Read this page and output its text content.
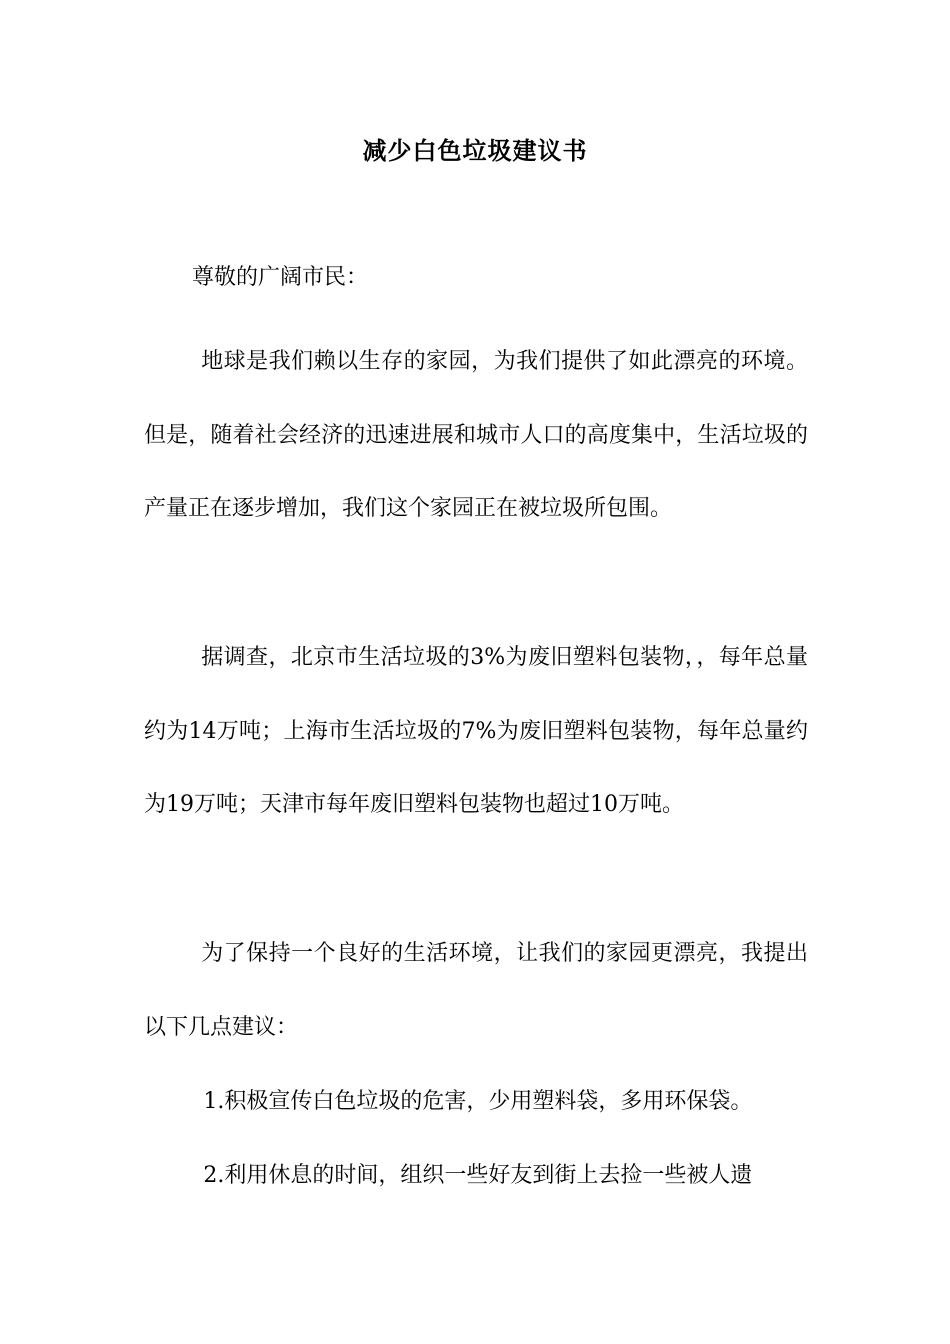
减少白色垃圾建议书
尊敬的广阔市民：

地球是我们赖以生存的家园，为我们提供了如此漂亮的环境。但是，随着社会经济的迅速进展和城市人口的高度集中，生活垃圾的产量正在逐步增加，我们这个家园正在被垃圾所包围。

据调查，北京市生活垃圾的3%为废旧塑料包装物，，每年总量约为14万吨；上海市生活垃圾的7%为废旧塑料包装物，每年总量约为19万吨；天津市每年废旧塑料包装物也超过10万吨。

为了保持一个良好的生活环境，让我们的家园更漂亮，我提出以下几点建议：

1.积极宣传白色垃圾的危害，少用塑料袋，多用环保袋。

2.利用休息的时间，组织一些好友到街上去捡一些被人遗
